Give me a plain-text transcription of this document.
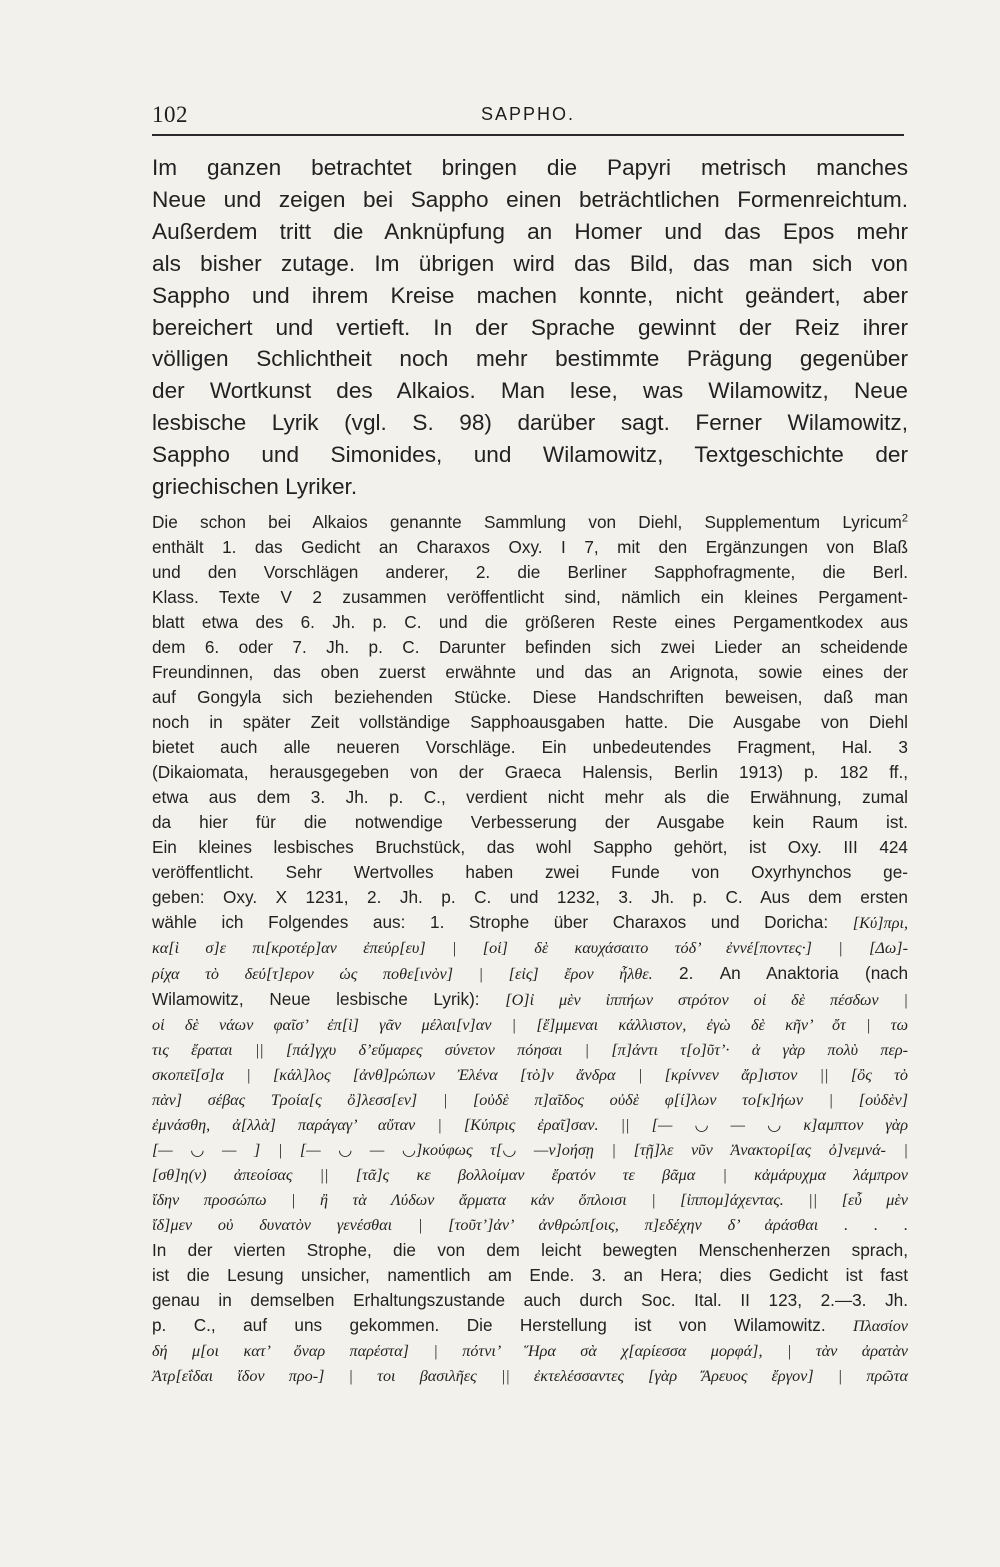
102	SAPPHO.
Im ganzen betrachtet bringen die Papyri metrisch manches
Neue und zeigen bei Sappho einen beträchtlichen Formenreichtum.
Außerdem tritt die Anknüpfung an Homer und das Epos mehr
als bisher zutage. Im übrigen wird das Bild, das man sich von
Sappho und ihrem Kreise machen konnte, nicht geändert, aber
bereichert und vertieft. In der Sprache gewinnt der Reiz ihrer
völligen Schlichtheit noch mehr bestimmte Prägung gegenüber
der Wortkunst des Alkaios. Man lese, was Wilamowitz, Neue
lesbische Lyrik (vgl. S. 98) darüber sagt. Ferner Wilamowitz,
Sappho und Simonides, und Wilamowitz, Textgeschichte der
griechischen Lyriker.
Die schon bei Alkaios genannte Sammlung von Diehl, Supplementum Lyricum$^2$
enthält 1. das Gedicht an Charaxos Oxy. I 7, mit den Ergänzungen von Blaß
und den Vorschlägen anderer, 2. die Berliner Sapphofragmente, die Berl.
Klass. Texte V 2 zusammen veröffentlicht sind, nämlich ein kleines Pergament-
blatt etwa des 6. Jh. p. C. und die größeren Reste eines Pergamentkodex aus
dem 6. oder 7. Jh. p. C. Darunter befinden sich zwei Lieder an scheidende
Freundinnen, das oben zuerst erwähnte und das an Arignota, sowie eines der
auf Gongyla sich beziehenden Stücke. Diese Handschriften beweisen, daß man
noch in später Zeit vollständige Sapphoausgaben hatte. Die Ausgabe von Diehl
bietet auch alle neueren Vorschläge. Ein unbedeutendes Fragment, Hal. 3
(Dikaiomata, herausgegeben von der Graeca Halensis, Berlin 1913) p. 182 ff.,
etwa aus dem 3. Jh. p. C., verdient nicht mehr als die Erwähnung, zumal
da hier für die notwendige Verbesserung der Ausgabe kein Raum ist.
Ein kleines lesbisches Bruchstück, das wohl Sappho gehört, ist Oxy. III 424
veröffentlicht. Sehr Wertvolles haben zwei Funde von Oxyrhynchos ge-
geben: Oxy. X 1231, 2. Jh. p. C. und 1232, 3. Jh. p. C. Aus dem ersten
wähle ich Folgendes aus: 1. Strophe über Charaxos und Doricha: [Κύ]πρι,
κα[ὶ σ]ε πι[κροτέρ]αν ἐπεύρ[ευ] | [οἱ] δὲ καυχάσαιτο τόδ’ ἐννέ[ποντες·] | [Δω]-
ρίχα τὸ δεύ[τ]ερον ὡς ποθε[ινὸν] | [εἰς] ἔρον ἦλθε. 2. An Anaktoria (nach
Wilamowitz, Neue lesbische Lyrik): [Ο]ἰ μὲν ἰππήων στρότον οἱ δὲ πέσδων |
οἱ δὲ νάων φαῖσ’ ἐπ[ὶ] γᾶν μέλαι[ν]αν | [ἔ]μμεναι κάλλιστον, ἐγὼ δὲ κῆν’ ὄτ | τω
τις ἔραται || [πά]γχυ δ’εὔμαρες σύνετον πόησαι | [π]άντι τ[ο]ῦτ’· ἀ γὰρ πολὺ περ-
σκοπεῖ[σ]α | [κάλ]λος [ἀνθ]ρώπων Ἐλένα [τὸ]ν ἄνδρα | [κρίννεν ἄρ]ιστον || [ὂς τὸ
πὰν] σέβας Τροία[ς ὂ]λεσσ[εν] | [οὐδὲ π]αῖδος οὐδὲ φ[ί]λων το[κ]ήων | [οὐδὲν]
ἐμνάσθη, ἀ[λλὰ] παράγαγ’ αὔταν | [Κύπρις ἐραῖ]σαν. || [— ◡ — ◡ κ]αμπτον γὰρ
[— ◡ — ] | [— ◡ — ◡]κούφως τ[◡ —ν]οήσῃ | [τῇ]λε νῦν Ἀνακτορί[ας ὀ]νεμνά- |
[σθ]η(ν) ἀπεοίσας || [τᾶ]ς κε βολλοίμαν ἔρατόν τε βᾶμα | κἀμάρυχμα λάμπρον
ἴδην προσώπω | ἢ τὰ Λύδων ἄρματα κἀν ὄπλοισι | [ἰππομ]άχεντας. || [εὖ μὲν
ἴδ]μεν οὐ δυνατὸν γενέσθαι | [τοῦτ’]ἀν’ ἀνθρώπ[οις, π]εδέχην δ’ ἀράσθαι . . .
In der vierten Strophe, die von dem leicht bewegten Menschenherzen sprach,
ist die Lesung unsicher, namentlich am Ende. 3. an Hera; dies Gedicht ist fast
genau in demselben Erhaltungszustande auch durch Soc. Ital. II 123, 2.—3. Jh.
p. C., auf uns gekommen. Die Herstellung ist von Wilamowitz. Πλασίον
δή μ[οι κατ’ ὄναρ παρέστα] | πότνι’ Ἥρα σὰ χ[αρίεσσα μορφά], | τὰν ἀρατὰν
Ἀτρ[εΐδαι ἴδον προ-] | τοι βασιλῆες || ἐκτελέσσαντες [γὰρ Ἄρευος ἔργον] | πρῶτα
